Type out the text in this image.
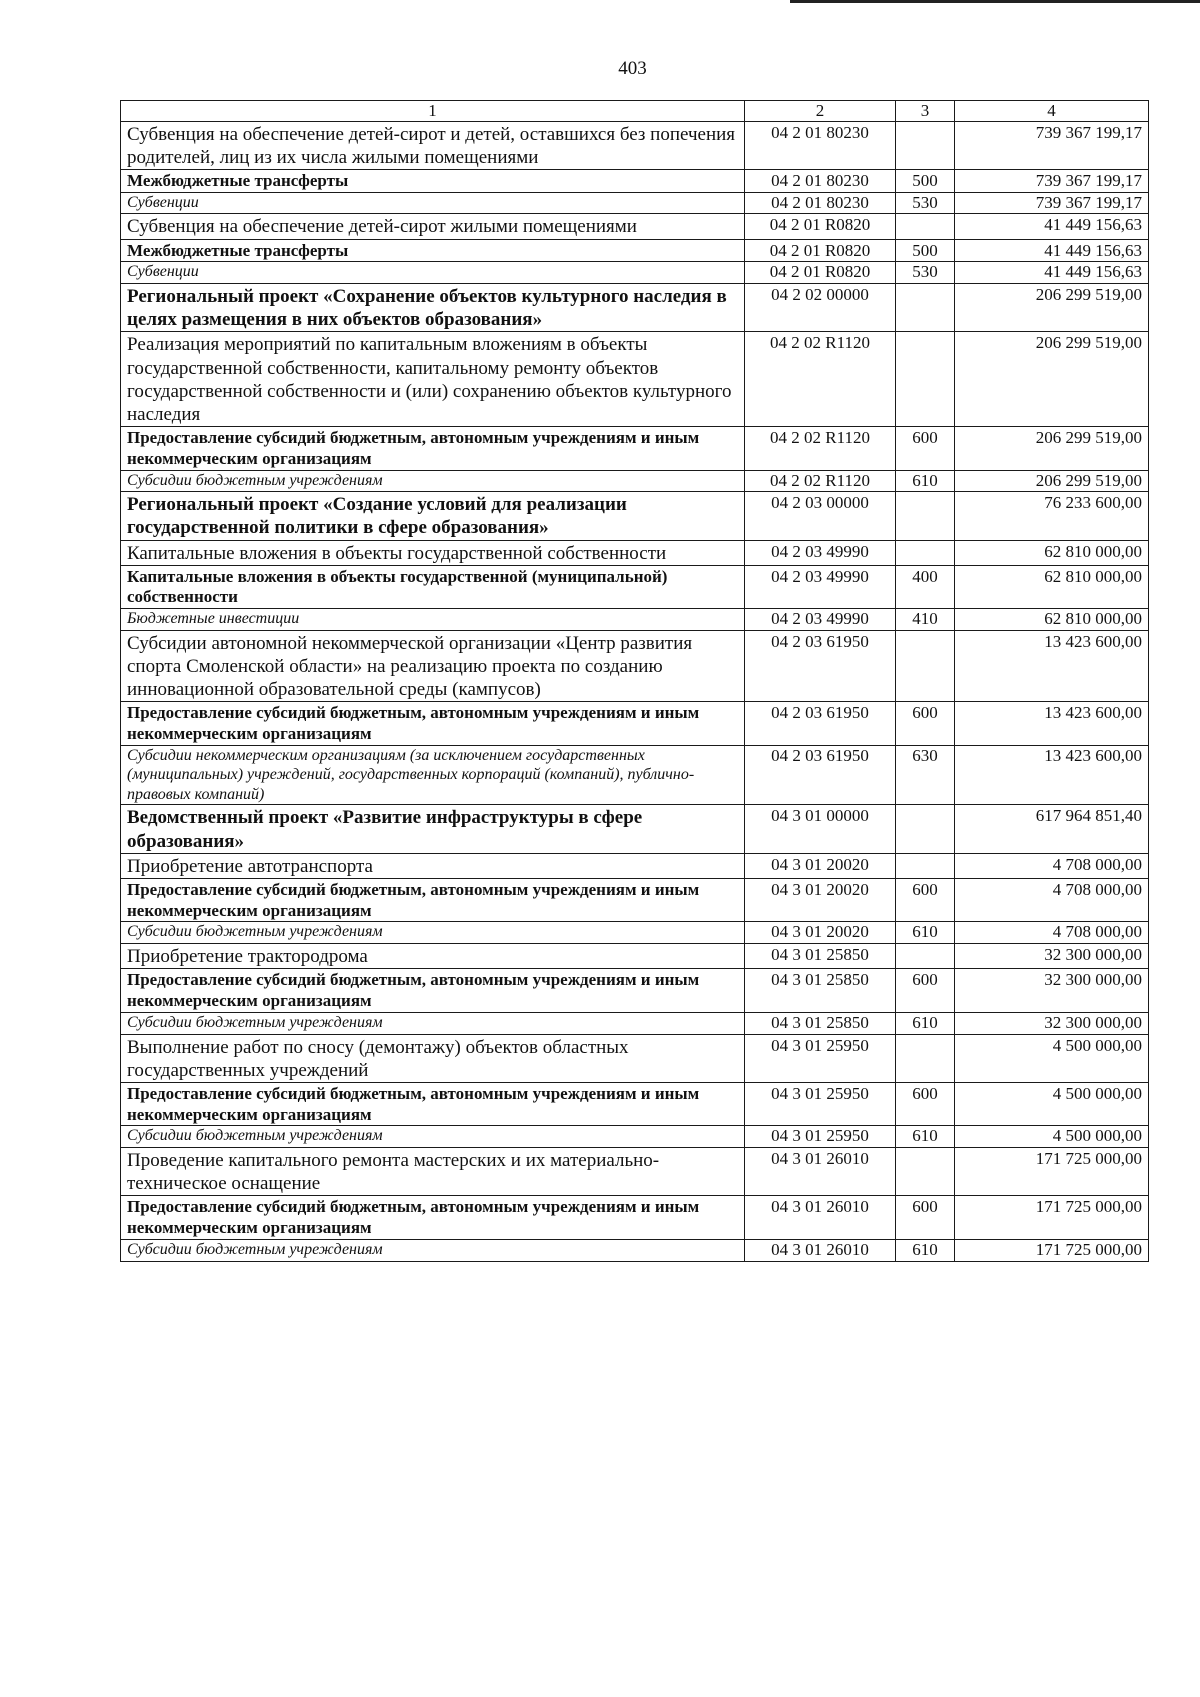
403
1	2	3	4
Субвенция на обеспечение детей-сирот и детей, оставшихся без попечения родителей, лиц из их числа жилыми помещениями	04 2 01 80230		739 367 199,17
Межбюджетные трансферты	04 2 01 80230	500	739 367 199,17
Субвенции	04 2 01 80230	530	739 367 199,17
Субвенция на обеспечение детей-сирот жилыми помещениями	04 2 01 R0820		41 449 156,63
Межбюджетные трансферты	04 2 01 R0820	500	41 449 156,63
Субвенции	04 2 01 R0820	530	41 449 156,63
Региональный проект «Сохранение объектов культурного наследия в целях размещения в них объектов образования»	04 2 02 00000		206 299 519,00
Реализация мероприятий по капитальным вложениям в объекты государственной собственности, капитальному ремонту объектов государственной собственности и (или) сохранению объектов культурного наследия	04 2 02 R1120		206 299 519,00
Предоставление субсидий бюджетным, автономным учреждениям и иным некоммерческим организациям	04 2 02 R1120	600	206 299 519,00
Субсидии бюджетным учреждениям	04 2 02 R1120	610	206 299 519,00
Региональный проект «Создание условий для реализации государственной политики в сфере образования»	04 2 03 00000		76 233 600,00
Капитальные вложения в объекты государственной собственности	04 2 03 49990		62 810 000,00
Капитальные вложения в объекты государственной (муниципальной) собственности	04 2 03 49990	400	62 810 000,00
Бюджетные инвестиции	04 2 03 49990	410	62 810 000,00
Субсидии автономной некоммерческой организации «Центр развития спорта Смоленской области» на реализацию проекта по созданию инновационной образовательной среды (кампусов)	04 2 03 61950		13 423 600,00
Предоставление субсидий бюджетным, автономным учреждениям и иным некоммерческим организациям	04 2 03 61950	600	13 423 600,00
Субсидии некоммерческим организациям (за исключением государственных (муниципальных) учреждений, государственных корпораций (компаний), публично-правовых компаний)	04 2 03 61950	630	13 423 600,00
Ведомственный проект «Развитие инфраструктуры в сфере образования»	04 3 01 00000		617 964 851,40
Приобретение автотранспорта	04 3 01 20020		4 708 000,00
Предоставление субсидий бюджетным, автономным учреждениям и иным некоммерческим организациям	04 3 01 20020	600	4 708 000,00
Субсидии бюджетным учреждениям	04 3 01 20020	610	4 708 000,00
Приобретение трактородрома	04 3 01 25850		32 300 000,00
Предоставление субсидий бюджетным, автономным учреждениям и иным некоммерческим организациям	04 3 01 25850	600	32 300 000,00
Субсидии бюджетным учреждениям	04 3 01 25850	610	32 300 000,00
Выполнение работ по сносу (демонтажу) объектов областных государственных учреждений	04 3 01 25950		4 500 000,00
Предоставление субсидий бюджетным, автономным учреждениям и иным некоммерческим организациям	04 3 01 25950	600	4 500 000,00
Субсидии бюджетным учреждениям	04 3 01 25950	610	4 500 000,00
Проведение капитального ремонта мастерских и их материально-техническое оснащение	04 3 01 26010		171 725 000,00
Предоставление субсидий бюджетным, автономным учреждениям и иным некоммерческим организациям	04 3 01 26010	600	171 725 000,00
Субсидии бюджетным учреждениям	04 3 01 26010	610	171 725 000,00
